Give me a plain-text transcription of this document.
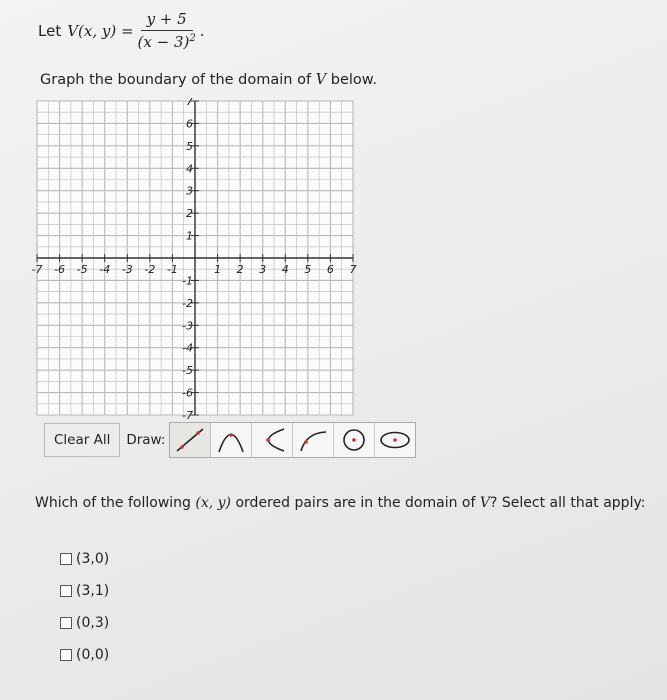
Let V(x, $y) = \frac{y + 5}{(x - 3)^2}$ .
Graph the boundary of the domain of V below.
-7 -6 -5 -4 -3 -2 -1	1 2 3 4 5 6 7
7
6
5
4
3
2
1
-1
-2
-3
-4
-5
-6
-7
Clear All	Draw:
Which of the following (x, y) ordered pairs are in the domain of V? Select all that apply:
(3,0)
(3,1)
(0,3)
(0,0)
